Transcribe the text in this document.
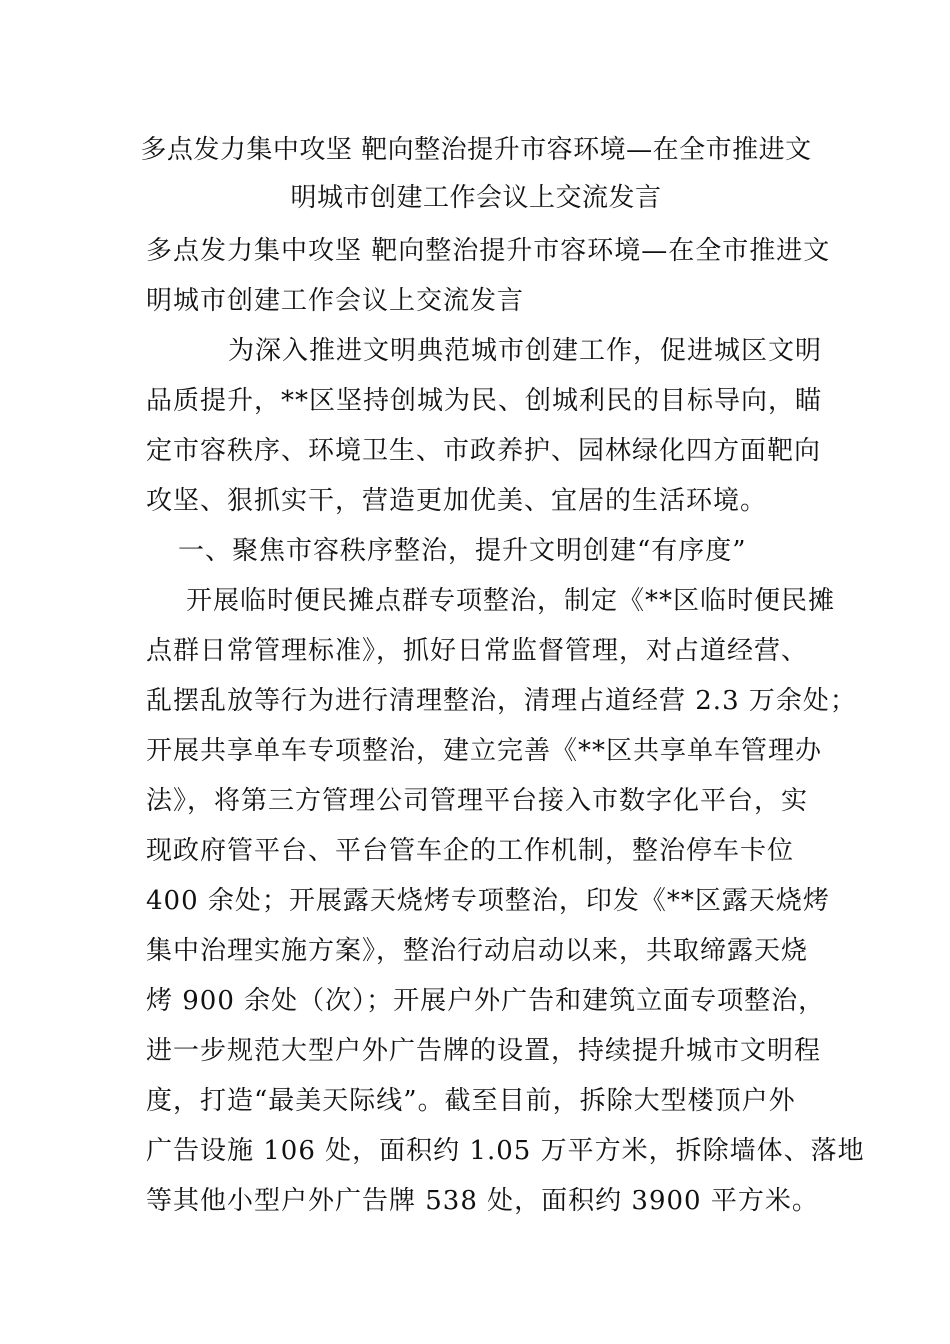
多点发力集中攻坚 靶向整治提升市容环境—在全市推进文
明城市创建工作会议上交流发言
多点发力集中攻坚 靶向整治提升市容环境—在全市推进文
明城市创建工作会议上交流发言
为深入推进文明典范城市创建工作，促进城区文明
品质提升，**区坚持创城为民、创城利民的目标导向，瞄
定市容秩序、环境卫生、市政养护、园林绿化四方面靶向
攻坚、狠抓实干，营造更加优美、宜居的生活环境。
一、聚焦市容秩序整治，提升文明创建“有序度”
开展临时便民摊点群专项整治，制定《**区临时便民摊
点群日常管理标准》，抓好日常监督管理，对占道经营、
乱摆乱放等行为进行清理整治，清理占道经营 2.3 万余处；
开展共享单车专项整治，建立完善《**区共享单车管理办
法》，将第三方管理公司管理平台接入市数字化平台，实
现政府管平台、平台管车企的工作机制，整治停车卡位
400 余处；开展露天烧烤专项整治，印发《**区露天烧烤
集中治理实施方案》，整治行动启动以来，共取缔露天烧
烤 900 余处（次）；开展户外广告和建筑立面专项整治，
进一步规范大型户外广告牌的设置，持续提升城市文明程
度，打造“最美天际线”。截至目前，拆除大型楼顶户外
广告设施 106 处，面积约 1.05 万平方米，拆除墙体、落地
等其他小型户外广告牌 538 处，面积约 3900 平方米。
